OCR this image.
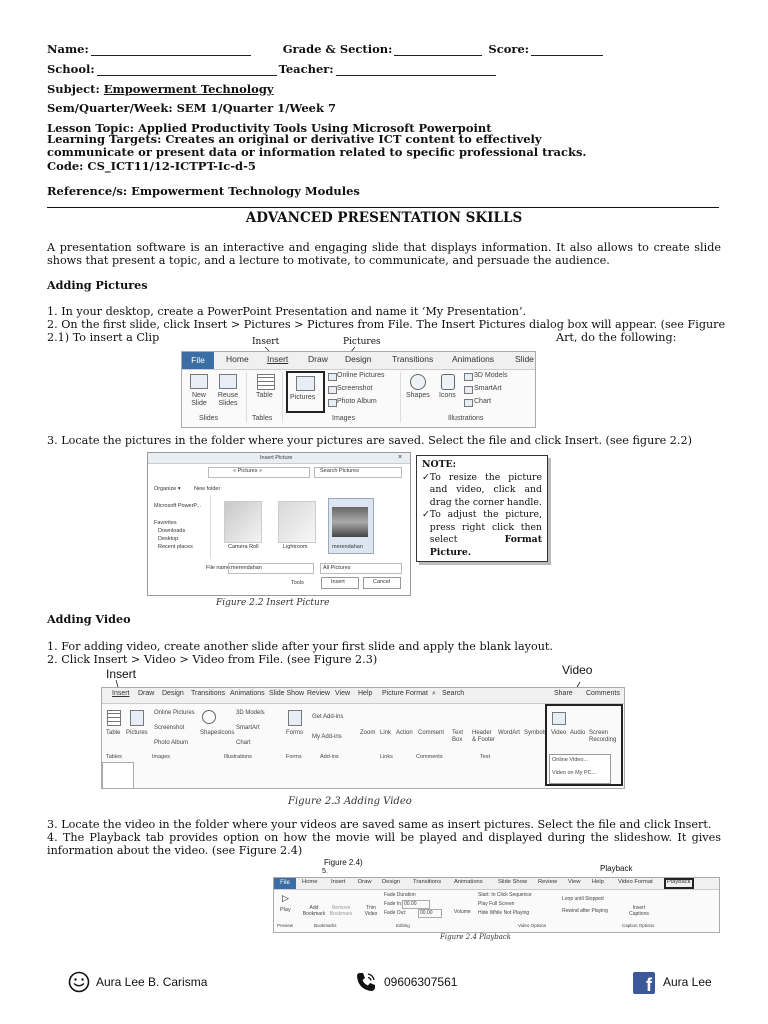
Name:	Grade & Section:	Score:
School:	Teacher:
Subject: Empowerment Technology
Sem/Quarter/Week: SEM 1/Quarter 1/Week 7
Lesson Topic: Applied Productivity Tools Using Microsoft Powerpoint
Learning Targets: Creates an original or derivative ICT content to effectively communicate or present data or information related to specific professional tracks.
Code: CS_ICT11/12-ICTPT-Ic-d-5
Reference/s: Empowerment Technology Modules
ADVANCED PRESENTATION SKILLS
A presentation software is an interactive and engaging slide that displays information. It also allows to create slide shows that present a topic, and a lecture to motivate, to communicate, and persuade the audience.
Adding Pictures
1. In your desktop, create a PowerPoint Presentation and name it ‘My Presentation’.
2. On the first slide, click Insert > Pictures > Pictures from File. The Insert Pictures dialog box will appear. (see Figure
2.1) To insert a Clip	Art, do the following:
Insert	Pictures
File	Home Insert Draw Design Transitions Animations Slide
New Slide
Reuse Slides
Slides
Table
Tables
Pictures
Online Pictures
Screenshot
Photo Album
Images
Shapes Icons
3D Models
SmartArt
Chart
Illustrations
3. Locate the pictures in the folder where your pictures are saved. Select the file and click Insert. (see figure 2.2)
Insert Picture	×
« Pictures »	Search Pictures
Organize ▾ New folder
Microsoft PowerP...
Favorites
Downloads
Desktop
Recent places	Camera Roll	Lightroom	merendahan
File name: merendahan	All Pictures
Tools	Insert	Cancel
Figure 2.2 Insert Picture
NOTE:
✓ To resize the picture and video, click and drag the corner handle.
✓ To adjust the picture, press right click then select Format Picture.
Adding Video
1. For adding video, create another slide after your first slide and apply the blank layout.
2. Click Insert > Video > Video from File. (see Figure 2.3)
Video
Insert
Insert Draw Design Transitions Animations Slide Show Review View Help Picture Format ⌕ Search	Share Comments
Table Pictures
Online Pictures
Screenshot
Photo Album
Shapes Icons
3D Models
SmartArt
Chart
Forms
Get Add-ins
My Add-ins
Zoom Link Action Comment Text Box
Header & Footer
WordArt Symbols Video Audio Screen Recording
Online Video...
Video on My PC...
Tables	Images	Illustrations	Forms	Add-ins	Links	Comments	Text
Figure 2.3 Adding Video
3. Locate the video in the folder where your videos are saved same as insert pictures. Select the file and click Insert.
4. The Playback tab provides option on how the movie will be played and displayed during the slideshow. It gives information about the video. (see Figure 2.4)
Figure 2.4)
5.	Playback
File	Home Insert Draw Design Transitions Animations	Slide Show Review View Help Video Format Playback
▷
Play	Add Bookmark
Remove Bookmark
Trim Video
Fade Duration
Fade In: 00.00
Fade Out:	00.00	Volume
Start: In Click Sequence
Play Full Screen
Hide While Not Playing
Loop until Stopped
Rewind after Playing	Insert Captions
Preview	Bookmarks	Editing	Video Options	Caption Options
Figure 2.4 Playback
Aura Lee B. Carisma	09606307561	f Aura Lee
